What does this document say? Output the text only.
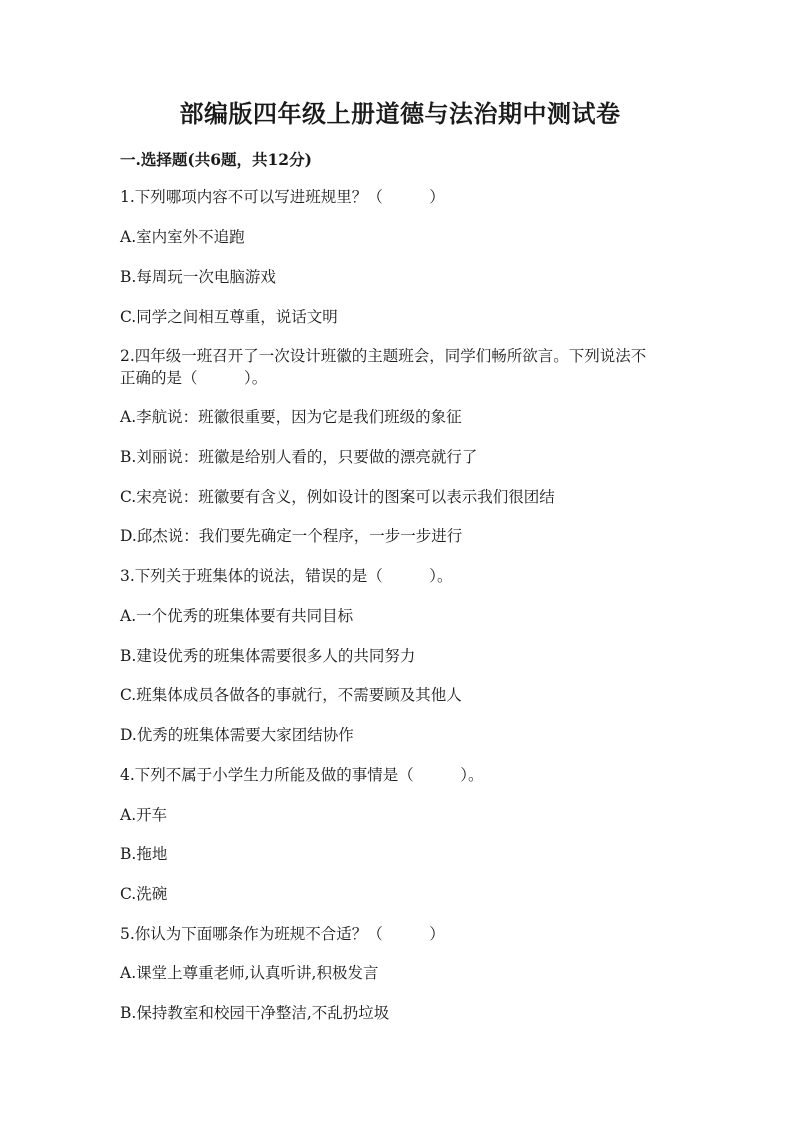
部编版四年级上册道德与法治期中测试卷
一.选择题(共6题，共12分)
1.下列哪项内容不可以写进班规里？（　　　）
A.室内室外不追跑
B.每周玩一次电脑游戏
C.同学之间相互尊重，说话文明
2.四年级一班召开了一次设计班徽的主题班会，同学们畅所欲言。下列说法不
正确的是（　　　）。
A.李航说：班徽很重要，因为它是我们班级的象征
B.刘丽说：班徽是给别人看的，只要做的漂亮就行了
C.宋亮说：班徽要有含义，例如设计的图案可以表示我们很团结
D.邱杰说：我们要先确定一个程序，一步一步进行
3.下列关于班集体的说法，错误的是（　　　）。
A.一个优秀的班集体要有共同目标
B.建设优秀的班集体需要很多人的共同努力
C.班集体成员各做各的事就行，不需要顾及其他人
D.优秀的班集体需要大家团结协作
4.下列不属于小学生力所能及做的事情是（　　　）。
A.开车
B.拖地
C.洗碗
5.你认为下面哪条作为班规不合适？（　　　）
A.课堂上尊重老师,认真听讲,积极发言
B.保持教室和校园干净整洁,不乱扔垃圾
